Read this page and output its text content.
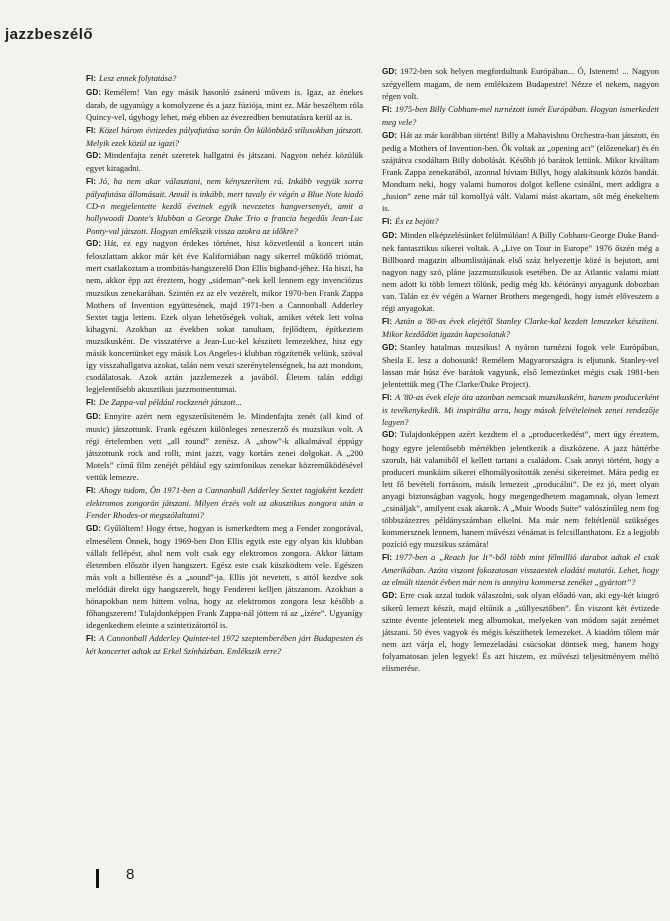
jazzbeszélő

FI: Lesz ennek folytatása?

GD: Remélem! Van egy másik hasonló zsánerú művem is. Igaz, az énekes darab, de ugyanúgy a komolyzene és a jazz fúziója, mint ez. Már beszéltem róla Quincy-vel, úgyhogy lehet, még ebben az évezredben bemutatásra kerül az is.

FI: Közel három évtizedes pályafutása során Ön különböző stílusokban játszott. Melyik ezek közül az igazi?

GD: Mindenfajta zenét szeretek hallgatni és játszani. Nagyon nehéz közülük egyet kiragadni.

FI: Jó, ha nem akar választani, nem kényszerítem rá. Inkább vegyük sorra pályafutása állomásait. Annál is inkább, mert tavaly év végén a Blue Note kiadó CD-n megjelentette kezdő éveinek egyik nevezetes hangversenyét, amit a hollywoodi Donte's klubban a George Duke Trio a francia hegedűs Jean-Luc Ponty-val játszott. Hogyan emlékszik vissza azokra az időkre?

GD: Hát, ez egy nagyon érdekes történet, hisz közvetlenül a koncert után feloszlattam akkor már két éve Kaliforniában nagy sikerrel működő triómat, mert csatlakoztam a trombitás-hangszerelő Don Ellis bigband-jéhez. Ha hiszi, ha nem, akkor épp azt éreztem, hogy „sideman”-nek kell lennem egy invenciózus muzsikus zenekarában. Szintén ez az elv vezérelt, mikor 1970-ben Frank Zappa Mothers of Invention együttesének, majd 1971-ben a Cannonball Adderley Sextet tagja lettem. Ezek olyan lehetőségek voltak, amiket vétek lett volna kihagyni. Azokban az években sokat tanultam, fejlődtem, építkeztem muzsikusként. De visszatérve a Jean-Luc-kel készített lemezekhez, hisz egy másik koncertünket egy másik Los Angeles-i klubban rögzítették velünk, szóval így visszahallgatva azokat, talán nem veszi szerénytelenségnek, ha azt mondom, csodálatosak. Azok aztán jazzlemezek a javából. Életem talán eddigi legjelentősebb akusztikus jazzmomentumai.

FI: De Zappa-val például rockzenét játszott...

GD: Ennyire azért nem egyszerűsíteném le. Mindenfajta zenét (all kind of music) játszottunk. Frank egészen különleges zeneszerző és muzsikus volt. A régi értelemben vett „all round” zenész. A „show”-k alkalmával éppúgy játszottunk rock and rollt, mint jazzt, vagy kortárs zenei dolgokat. A „200 Motels” című film zenéjét például egy szimfonikus zenekar közreműködésével vettük lemezre.

FI: Ahogy tudom, Ön 1971-ben a Cannonball Adderley Sextet tagjaként kezdett elektromos zongorán játszani. Milyen érzés volt az akusztikus zongora után a Fender Rhodes-ot megszólaltatni?

GD: Gyűlöltem! Hogy értse, hogyan is ismerkedtem meg a Fender zongorával, elmesélem Önnek, hogy 1969-ben Don Ellis egyik este egy olyan kis klubban vállalt fellépést, ahol nem volt csak egy elektromos zongora. Akkor láttam életemben először ilyen hangszert. Egész este csak küszködtem vele. Egészen más volt a billentése és a „sound”-ja. Ellis jót nevetett, s attól kezdve sok melódiát direkt úgy hangszerelt, hogy Fenderen kelljen játszanom. Azokban a hónapokban nem hittem volna, hogy az elektromos zongora lesz később a főhangszerem! Tulajdonképpen Frank Zappa-nál jöttem rá az „ízére”. Ugyanígy idegenkedtem eleinte a szintetizátortól is.

FI: A Cannonball Adderley Quintet-tel 1972 szeptemberében járt Budapesten és két koncertet adtak az Erkel Színházban. Emlékszik erre?

GD: 1972-ben sok helyen megfordultunk Európában... Ó, Istenem! ... Nagyon szégyellem magam, de nem emlékszem Budapestre! Nézze el nekem, nagyon régen volt.

FI: 1975-ben Billy Cobham-mel turnézott ismét Európában. Hogyan ismerkedett meg vele?

GD: Hát az már korábban történt! Billy a Mahavishnu Orchestra-ban játszott, én pedig a Mothers of Invention-ben. Ők voltak az „opening act” (előzenekar) és én szájtátva csodáltam Billy dobolását. Később jó barátok lettünk. Mikor kiváltam Frank Zappa zenekarából, azonnal hívtam Billyt, hogy alakítsunk közös bandát. Mondtam neki, hogy valami humoros dolgot kellene csinálni, mert addigra a „fusion” zene már túl komollyá vált. Valami mást akartam, sőt még énekeltem is.

FI: És ez bejött?

GD: Minden elképzelésünket felülmúlóan! A Billy Cobham-George Duke Band-nek fantasztikus sikerei voltak. A „Live on Tour in Europe” 1976 őszén még a Billboard magazin albumlistájának első száz helyezettje közé is bejutott, ami nagyon nagy szó, pláne jazzmuzsikusok esetében. De az Atlantic valami miatt nem adott ki több lemezt tőlünk, pedig még kb. kétórányi anyagunk dobozban van. Talán ez év végén a Warner Brothers megengedi, hogy ismét előveszem a régi anyagokat.

FI: Aztán a '80-as évek elejétől Stanley Clarke-kal kezdett lemezeket készíteni. Mikor kezdődött igazán kapcsolatuk?

GD: Stanley hatalmas muzsikus! A nyáron turnézni fogok vele Európában, Sheila E. lesz a dobosunk! Remélem Magyarországra is eljutunk. Stanley-vel lassan már húsz éve barátok vagyunk, első lemezünket mégis csak 1981-ben jelentettük meg (The Clarke/Duke Project).

FI: A '80-as évek eleje óta azonban nemcsak muzsikusként, hanem producerként is tevékenykedik. Mi inspirálta arra, hogy mások felvételeinek zenei rendezője legyen?

GD: Tulajdonképpen azért kezdtem el a „producerkedést”, mert úgy éreztem, hogy egyre jelentősebb mértékben jelentkezik a diszkózene. A jazz háttérbe szorult, hát valamiből el kellett tartani a családom. Csak annyi történt, hogy a produceri munkáim sikerei elhomályosították zenési sikereimet. Mára pedig ez lett fő bevételi forrásom, másik lemezeit „producálni”. De ez jó, mert olyan anyagi biztonságban vagyok, hogy megengedhetem magamnak, olyan lemezt „csináljak”, amilyent csak akarok. A „Muir Woods Suite” valószínűleg nem fog többszázezres példányszámban elkelni. Ma már nem feltétlenül szükséges kommersznek lennem, hanem művészi vénámat is felcsillanthatom. Ez a legjobb pozíció egy muzsikus számára!

FI: 1977-ben a „Reach for It”-ből több mint félmillió darabot adtak el csak Amerikában. Azóta viszont fokozatosan visszaestek eladási mutatói. Lehet, hogy az elmúlt tizenöt évben már nem is annyira kommersz zenéket „gyártott”?

GD: Erre csak azzal tudok válaszolni, sok olyan előadó van, aki egy-két kiugró sikerű lemezt készít, majd eltűnik a „süllyesztőben”. Én viszont két évtizede szinte évente jelentetek meg albumokat, melyeken van módom saját zenémet játszani. 50 éves vagyok és mégis készíthetek lemezeket. A kiadóm tőlem már nem azt várja el, hogy lemezeladási csúcsokat döntsek meg, hanem hogy folyamatosan jelen legyek! És azt hiszem, ez művészi teljesítményem méltó elismerése.

8
